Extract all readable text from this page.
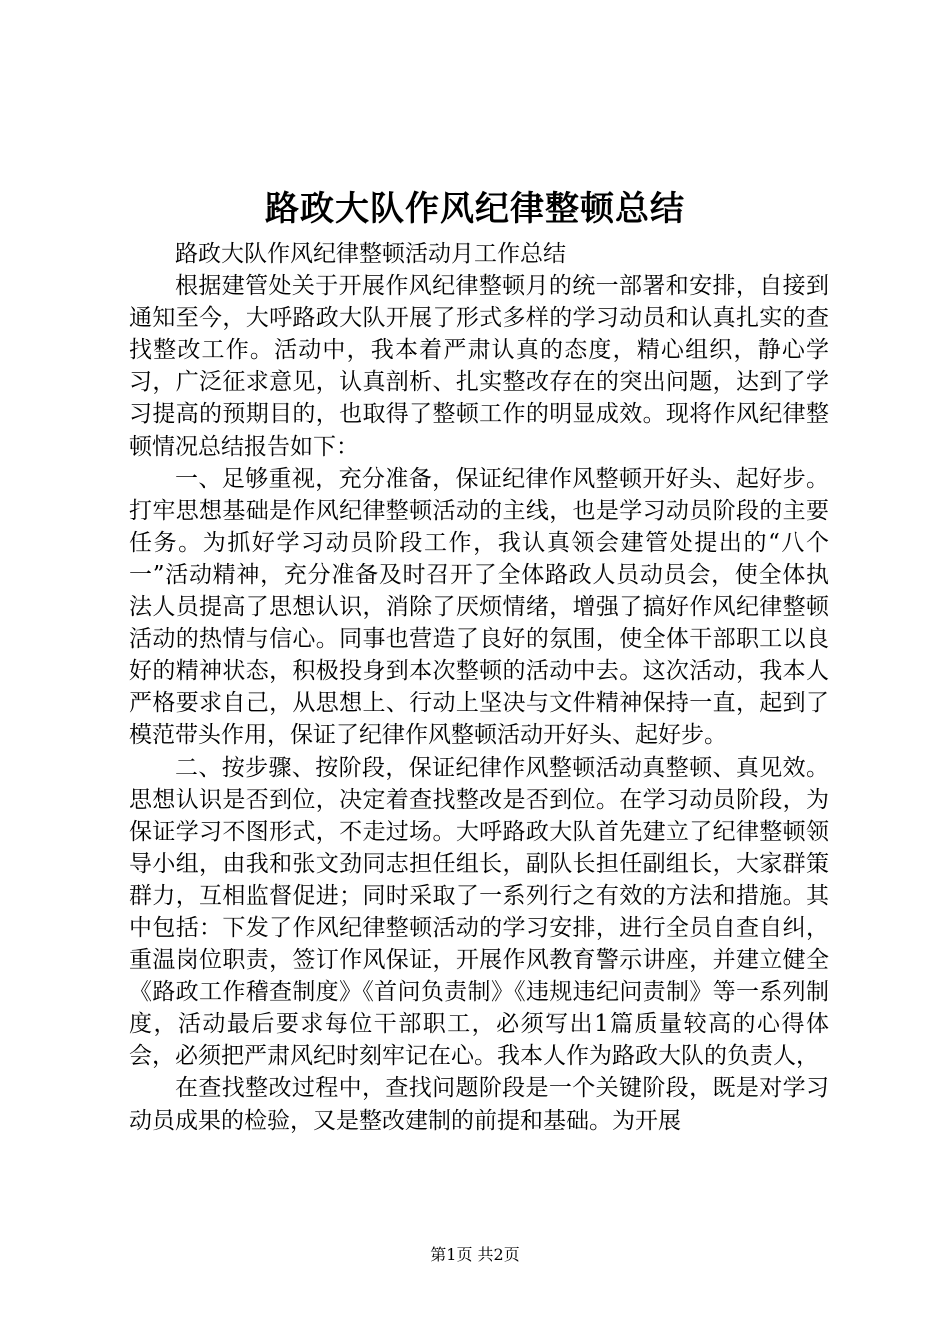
路政大队作风纪律整顿总结

路政大队作风纪律整顿活动月工作总结

根据建管处关于开展作风纪律整顿月的统一部署和安排，自接到通知至今，大呼路政大队开展了形式多样的学习动员和认真扎实的查找整改工作。活动中，我本着严肃认真的态度，精心组织，静心学习，广泛征求意见，认真剖析、扎实整改存在的突出问题，达到了学习提高的预期目的，也取得了整顿工作的明显成效。现将作风纪律整顿情况总结报告如下：

一、足够重视，充分准备，保证纪律作风整顿开好头、起好步。打牢思想基础是作风纪律整顿活动的主线，也是学习动员阶段的主要任务。为抓好学习动员阶段工作，我认真领会建管处提出的“八个一”活动精神，充分准备及时召开了全体路政人员动员会，使全体执法人员提高了思想认识，消除了厌烦情绪，增强了搞好作风纪律整顿活动的热情与信心。同事也营造了良好的氛围，使全体干部职工以良好的精神状态，积极投身到本次整顿的活动中去。这次活动，我本人严格要求自己，从思想上、行动上坚决与文件精神保持一直，起到了模范带头作用，保证了纪律作风整顿活动开好头、起好步。

二、按步骤、按阶段，保证纪律作风整顿活动真整顿、真见效。思想认识是否到位，决定着查找整改是否到位。在学习动员阶段，为保证学习不图形式，不走过场。大呼路政大队首先建立了纪律整顿领导小组，由我和张文劲同志担任组长，副队长担任副组长，大家群策群力，互相监督促进；同时采取了一系列行之有效的方法和措施。其中包括：下发了作风纪律整顿活动的学习安排，进行全员自查自纠，重温岗位职责，签订作风保证，开展作风教育警示讲座，并建立健全《路政工作稽查制度》《首问负责制》《违规违纪问责制》等一系列制度，活动最后要求每位干部职工，必须写出1篇质量较高的心得体会，必须把严肃风纪时刻牢记在心。我本人作为路政大队的负责人，

在查找整改过程中，查找问题阶段是一个关键阶段，既是对学习动员成果的检验，又是整改建制的前提和基础。为开展

第1页 共2页
